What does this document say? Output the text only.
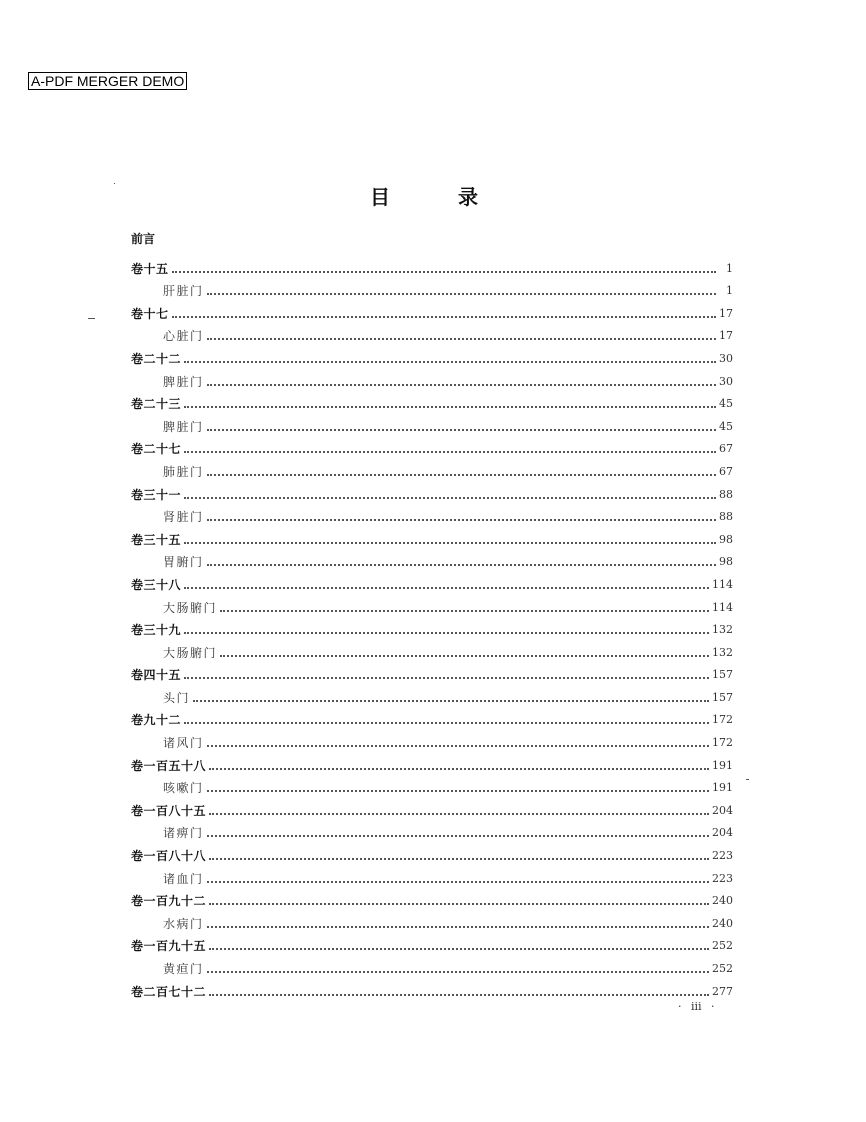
A-PDF MERGER DEMO
目录
前言
卷十五	1
肝脏门	1
卷十七	17
心脏门	17
卷二十二	30
脾脏门	30
卷二十三	45
脾脏门	45
卷二十七	67
肺脏门	67
卷三十一	88
肾脏门	88
卷三十五	98
胃腑门	98
卷三十八	114
大肠腑门	114
卷三十九	132
大肠腑门	132
卷四十五	157
头门	157
卷九十二	172
诸风门	172
卷一百五十八	191
咳嗽门	191
卷一百八十五	204
诸痹门	204
卷一百八十八	223
诸血门	223
卷一百九十二	240
水病门	240
卷一百九十五	252
黄疸门	252
卷二百七十二	277
· ⅲ ·
